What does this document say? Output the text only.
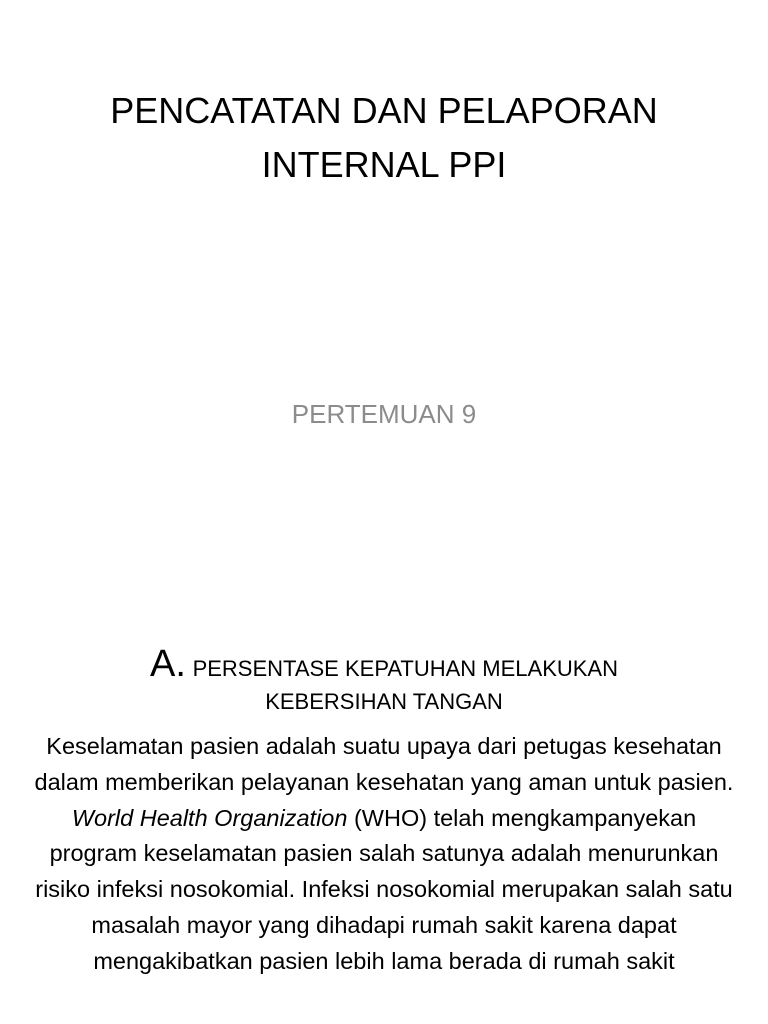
PENCATATAN DAN PELAPORAN
INTERNAL PPI

PERTEMUAN 9

A. PERSENTASE KEPATUHAN MELAKUKAN
KEBERSIHAN TANGAN

Keselamatan pasien adalah suatu upaya dari petugas kesehatan dalam memberikan pelayanan kesehatan yang aman untuk pasien. World Health Organization (WHO) telah mengkampanyekan program keselamatan pasien salah satunya adalah menurunkan risiko infeksi nosokomial. Infeksi nosokomial merupakan salah satu masalah mayor yang dihadapi rumah sakit karena dapat mengakibatkan pasien lebih lama berada di rumah sakit
